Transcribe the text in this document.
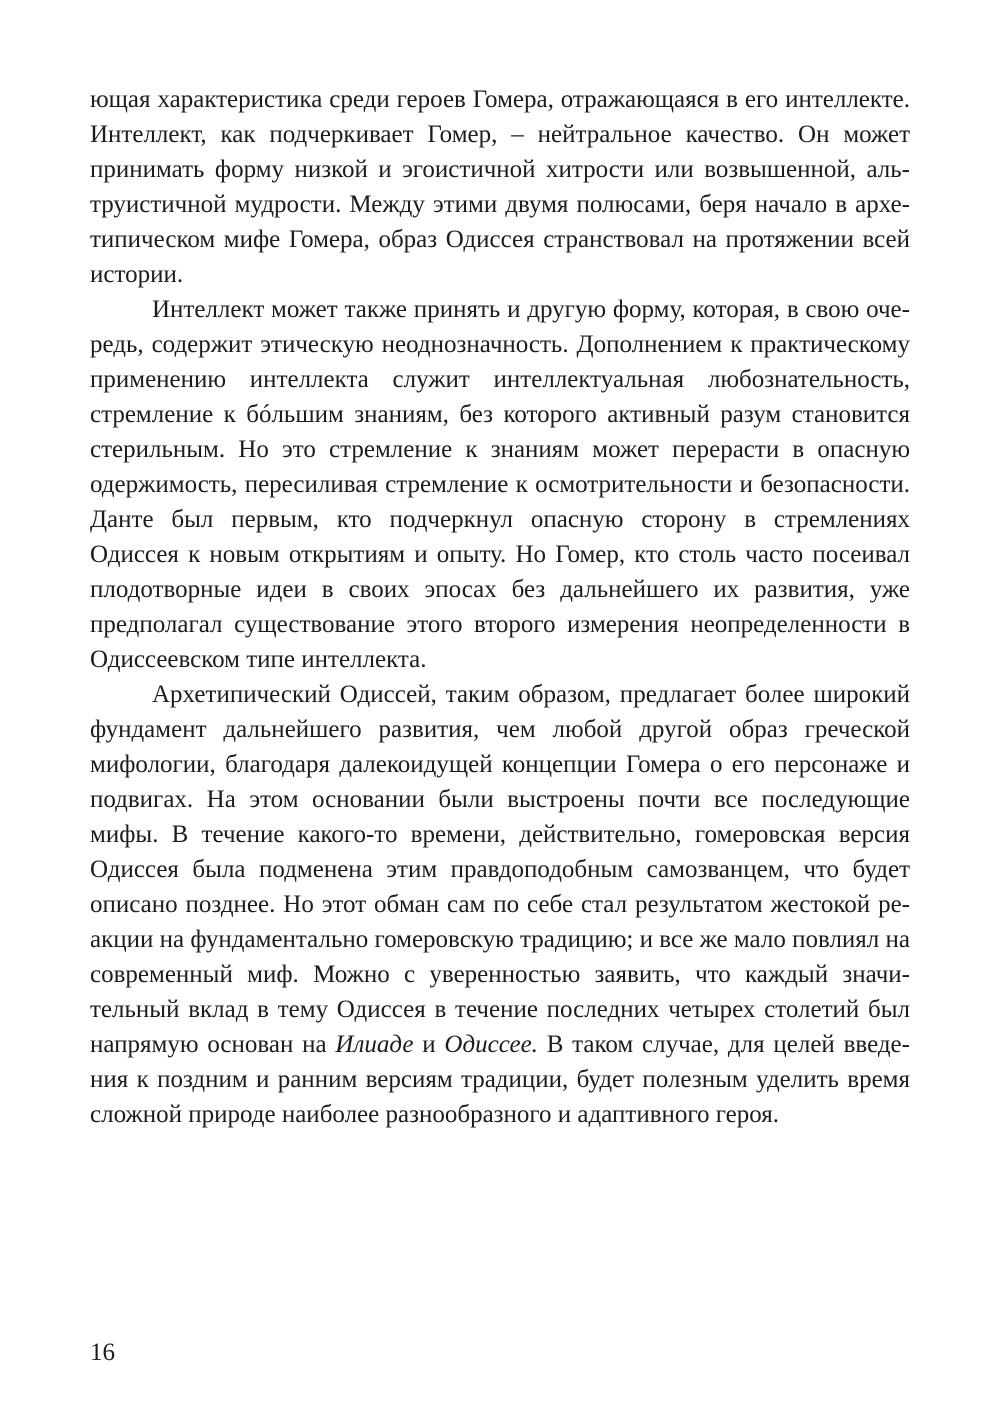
ющая характеристика среди героев Гомера, отражающаяся в его интеллекте. Интеллект, как подчеркивает Гомер, – нейтральное качество. Он может принимать форму низкой и эгоистичной хитрости или возвышенной, альтруистичной мудрости. Между этими двумя полюсами, беря начало в архетипическом мифе Гомера, образ Одиссея странствовал на протяжении всей истории.

Интеллект может также принять и другую форму, которая, в свою очередь, содержит этическую неоднозначность. Дополнением к практическому применению интеллекта служит интеллектуальная любознательность, стремление к бóльшим знаниям, без которого активный разум становится стерильным. Но это стремление к знаниям может перерасти в опасную одержимость, пересиливая стремление к осмотрительности и безопасности. Данте был первым, кто подчеркнул опасную сторону в стремлениях Одиссея к новым открытиям и опыту. Но Гомер, кто столь часто посеивал плодотворные идеи в своих эпосах без дальнейшего их развития, уже предполагал существование этого второго измерения неопределенности в Одиссеевском типе интеллекта.

Архетипический Одиссей, таким образом, предлагает более широкий фундамент дальнейшего развития, чем любой другой образ греческой мифологии, благодаря далекоидущей концепции Гомера о его персонаже и подвигах. На этом основании были выстроены почти все последующие мифы. В течение какого-то времени, действительно, гомеровская версия Одиссея была подменена этим правдоподобным самозванцем, что будет описано позднее. Но этот обман сам по себе стал результатом жестокой реакции на фундаментально гомеровскую традицию; и все же мало повлиял на современный миф. Можно с уверенностью заявить, что каждый значительный вклад в тему Одиссея в течение последних четырех столетий был напрямую основан на Илиаде и Одиссее. В таком случае, для целей введения к поздним и ранним версиям традиции, будет полезным уделить время сложной природе наиболее разнообразного и адаптивного героя.

16
